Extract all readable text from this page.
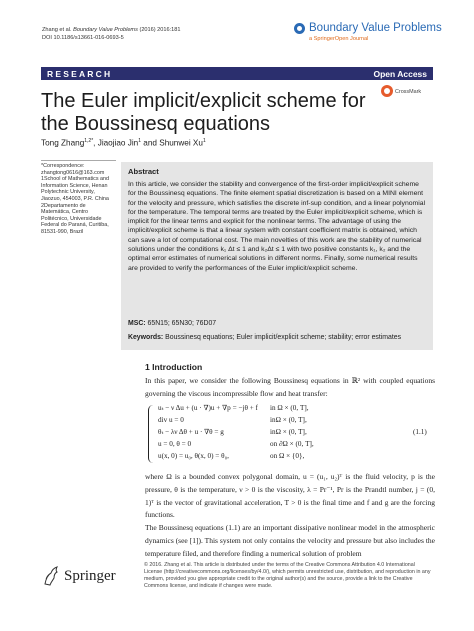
Zhang et al. Boundary Value Problems (2016) 2016:181
DOI 10.1186/s13661-016-0693-5
Boundary Value Problems
a SpringerOpen Journal
RESEARCH	Open Access
CrossMark
The Euler implicit/explicit scheme for the Boussinesq equations
Tong Zhang$^{1,2*}$, Jiaojiao Jin$^1$ and Shunwei Xu$^1$

*Correspondence:

zhangtong0616@163.com

1School of Mathematics and Information Science, Henan Polytechnic University, Jiaozuo, 454003, P.R. China

2Departamento de Matemática, Centro Politécnico, Universidade Federal do Paraná, Curitiba, 81531-990, Brazil

Abstract
In this article, we consider the stability and convergence of the first-order implicit/explicit scheme for the Boussinesq equations. The finite element spatial discretization is based on a MINI element for the velocity and pressure, which satisfies the discrete inf-sup condition, and a linear polynomial for the temperature. The temporal terms are treated by the Euler implicit/explicit scheme, which is implicit for the linear terms and explicit for the nonlinear terms. The advantage of using the implicit/explicit scheme is that a linear system with constant coefficient matrix is obtained, which can save a lot of computational cost. The main novelties of this work are the stability of numerical solutions under the conditions k₁ Δt ≤ 1 and k₂Δt ≤ 1 with two positive constants k₁, k₂ and the optimal error estimates of numerical solutions in different norms. Finally, some numerical results are provided to verify the performances of the Euler implicit/explicit scheme.
MSC: 65N15; 65N30; 76D07
Keywords: Boussinesq equations; Euler implicit/explicit scheme; stability; error estimates
1 Introduction
In this paper, we consider the following Boussinesq equations in ℝ² with coupled equations governing the viscous incompressible flow and heat transfer:
uₜ − ν Δu + (u · ∇)u + ∇p = −jθ + f
div u = 0
θₜ − λν Δθ + u · ∇θ = g
u = 0, θ = 0
u(x, 0) = u₀, θ(x, 0) = θ₀,
in Ω × (0, T],
inΩ × (0, T],
inΩ × (0, T],
on ∂Ω × (0, T],
on Ω × {0},
(1.1)
where Ω is a bounded convex polygonal domain, u = (u₁, u₂)ᵀ is the fluid velocity, p is the pressure, θ is the temperature, ν > 0 is the viscosity, λ = Pr⁻¹, Pr is the Prandtl number, j = (0, 1)ᵀ is the vector of gravitational acceleration, T > 0 is the final time and f and g are the forcing functions.
The Boussinesq equations (1.1) are an important dissipative nonlinear model in the atmospheric dynamics (see [1]). This system not only contains the velocity and pressure but also includes the temperature filed, and therefore finding a numerical solution of problem
Springer
© 2016. Zhang et al. This article is distributed under the terms of the Creative Commons Attribution 4.0 International License (http://creativecommons.org/licenses/by/4.0/), which permits unrestricted use, distribution, and reproduction in any medium, provided you give appropriate credit to the original author(s) and the source, provide a link to the Creative Commons license, and indicate if changes were made.
